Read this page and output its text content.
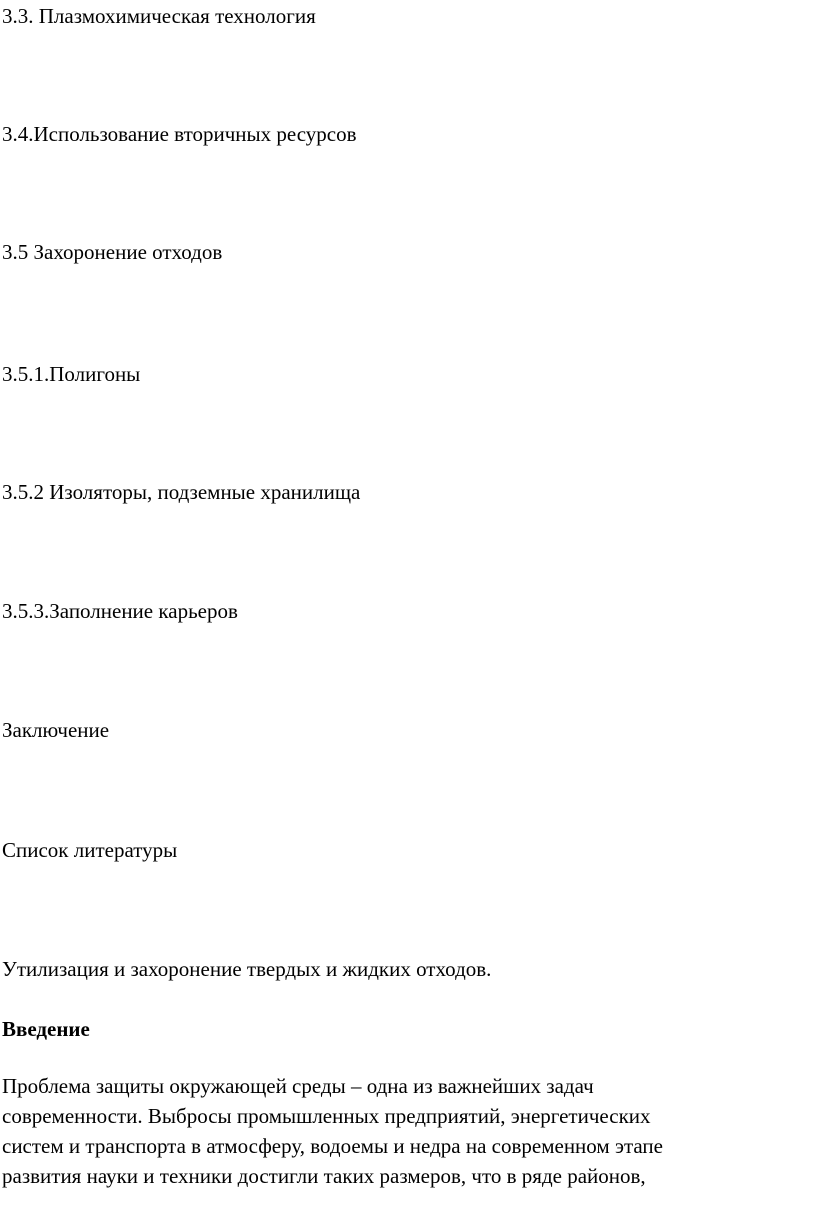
3.3. Плазмохимическая технология
3.4.Использование вторичных ресурсов
3.5 Захоронение отходов
3.5.1.Полигоны
3.5.2 Изоляторы, подземные хранилища
3.5.3.Заполнение карьеров
Заключение
Список литературы
Утилизация и захоронение твердых и жидких отходов.
Введение

Проблема защиты окружающей среды – одна из важнейших задач
современности. Выбросы промышленных предприятий, энергетических
систем и транспорта в атмосферу, водоемы и недра на современном этапе
развития науки и техники достигли таких размеров, что в ряде районов,
